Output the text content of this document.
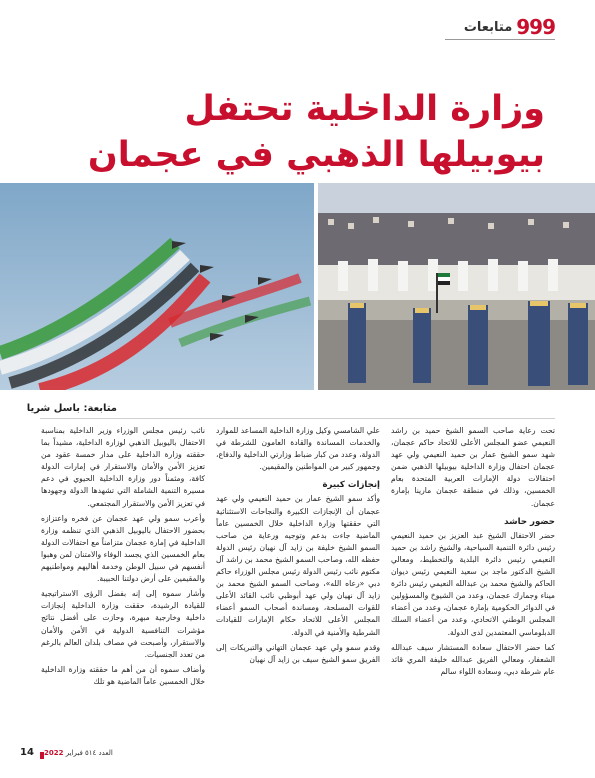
999
متابعات
وزارة الداخلية تحتفل
بيوبيلها الذهبي في عجمان
متابعة: باسل شريا

تحت رعاية صاحب السمو الشيخ حميد بن راشد النعيمي عضو المجلس الأعلى للاتحاد حاكم عجمان، شهد سمو الشيخ عمار بن حميد النعيمي ولي عهد عجمان احتفال وزارة الداخلية بيوبيلها الذهبي ضمن احتفالات دولة الإمارات العربية المتحدة بعام الخمسين، وذلك في منطقة عجمان مارينا بإمارة عجمان.

حضور حاشد

حضر الاحتفال الشيخ عبد العزيز بن حميد النعيمي رئيس دائرة التنمية السياحية، والشيخ راشد بن حميد النعيمي رئيس دائرة البلدية والتخطيط، ومعالي الشيخ الدكتور ماجد بن سعيد النعيمي رئيس ديوان الحاكم والشيخ محمد بن عبدالله النعيمي رئيس دائرة ميناء وجمارك عجمان، وعدد من الشيوخ والمسؤولين في الدوائر الحكومية بإمارة عجمان، وعدد من أعضاء المجلس الوطني الاتحادي، وعدد من أعضاء السلك الدبلوماسي المعتمدين لدى الدولة.

كما حضر الاحتفال سعادة المستشار سيف عبدالله الشعفار، ومعالي الفريق عبدالله خليفة المري قائد عام شرطة دبي، وسعادة اللواء سالم

علي الشامسي وكيل وزارة الداخلية المساعد للموارد والخدمات المساندة والقادة العامون للشرطة في الدولة، وعدد من كبار ضباط وزارتي الداخلية والدفاع، وجمهور كبير من المواطنين والمقيمين.

إنجازات كبيرة

وأكد سمو الشيخ عمار بن حميد النعيمي ولي عهد عجمان أن الإنجازات الكبيرة والنجاحات الاستثنائية التي حققتها وزارة الداخلية خلال الخمسين عاماً الماضية جاءت بدعم وتوجيه ورعاية من صاحب السمو الشيخ خليفة بن زايد آل نهيان رئيس الدولة حفظه الله، وصاحب السمو الشيخ محمد بن راشد آل مكتوم نائب رئيس الدولة رئيس مجلس الوزراء حاكم دبي «رعاه الله»، وصاحب السمو الشيخ محمد بن زايد آل نهيان ولي عهد أبوظبي نائب القائد الأعلى للقوات المسلحة، ومساندة أصحاب السمو أعضاء المجلس الأعلى للاتحاد حكام الإمارات للقيادات الشرطية والأمنية في الدولة.

وقدم سمو ولي عهد عجمان التهاني والتبريكات إلى الفريق سمو الشيخ سيف بن زايد آل نهيان

نائب رئيس مجلس الوزراء وزير الداخلية بمناسبة الاحتفال باليوبيل الذهبي لوزارة الداخلية، مشيداً بما حققته وزارة الداخلية على مدار خمسة عقود من تعزيز الأمن والأمان والاستقرار في إمارات الدولة كافة، ومثمناً دور وزارة الداخلية الحيوي في دعم مسيرة التنمية الشاملة التي تشهدها الدولة وجهودها في تعزيز الأمن والاستقرار المجتمعي.

وأعرب سمو ولي عهد عجمان عن فخره واعتزازه بحضور الاحتفال باليوبيل الذهبي الذي تنظمه وزارة الداخلية في إمارة عجمان متزامناً مع احتفالات الدولة بعام الخمسين الذي يجسد الوفاء والامتنان لمن وهبوا أنفسهم في سبيل الوطن وخدمة أهاليهم ومواطنيهم والمقيمين على أرض دولتنا الحبيبة.

وأشار سموه إلى إنه بفضل الرؤى الاستراتيجية للقيادة الرشيدة، حققت وزارة الداخلية إنجازات داخلية وخارجية مبهرة، وحازت على أفضل نتائج مؤشرات التنافسية الدولية في الأمن والأمان والاستقرار، وأصبحت في مصاف بلدان العالم بالرغم من تعدد الجنسيات.

وأضاف سموه أن من أهم ما حققته وزارة الداخلية خلال الخمسين عاماً الماضية هو تلك

14	العدد ٥١٤ فبراير 2022
